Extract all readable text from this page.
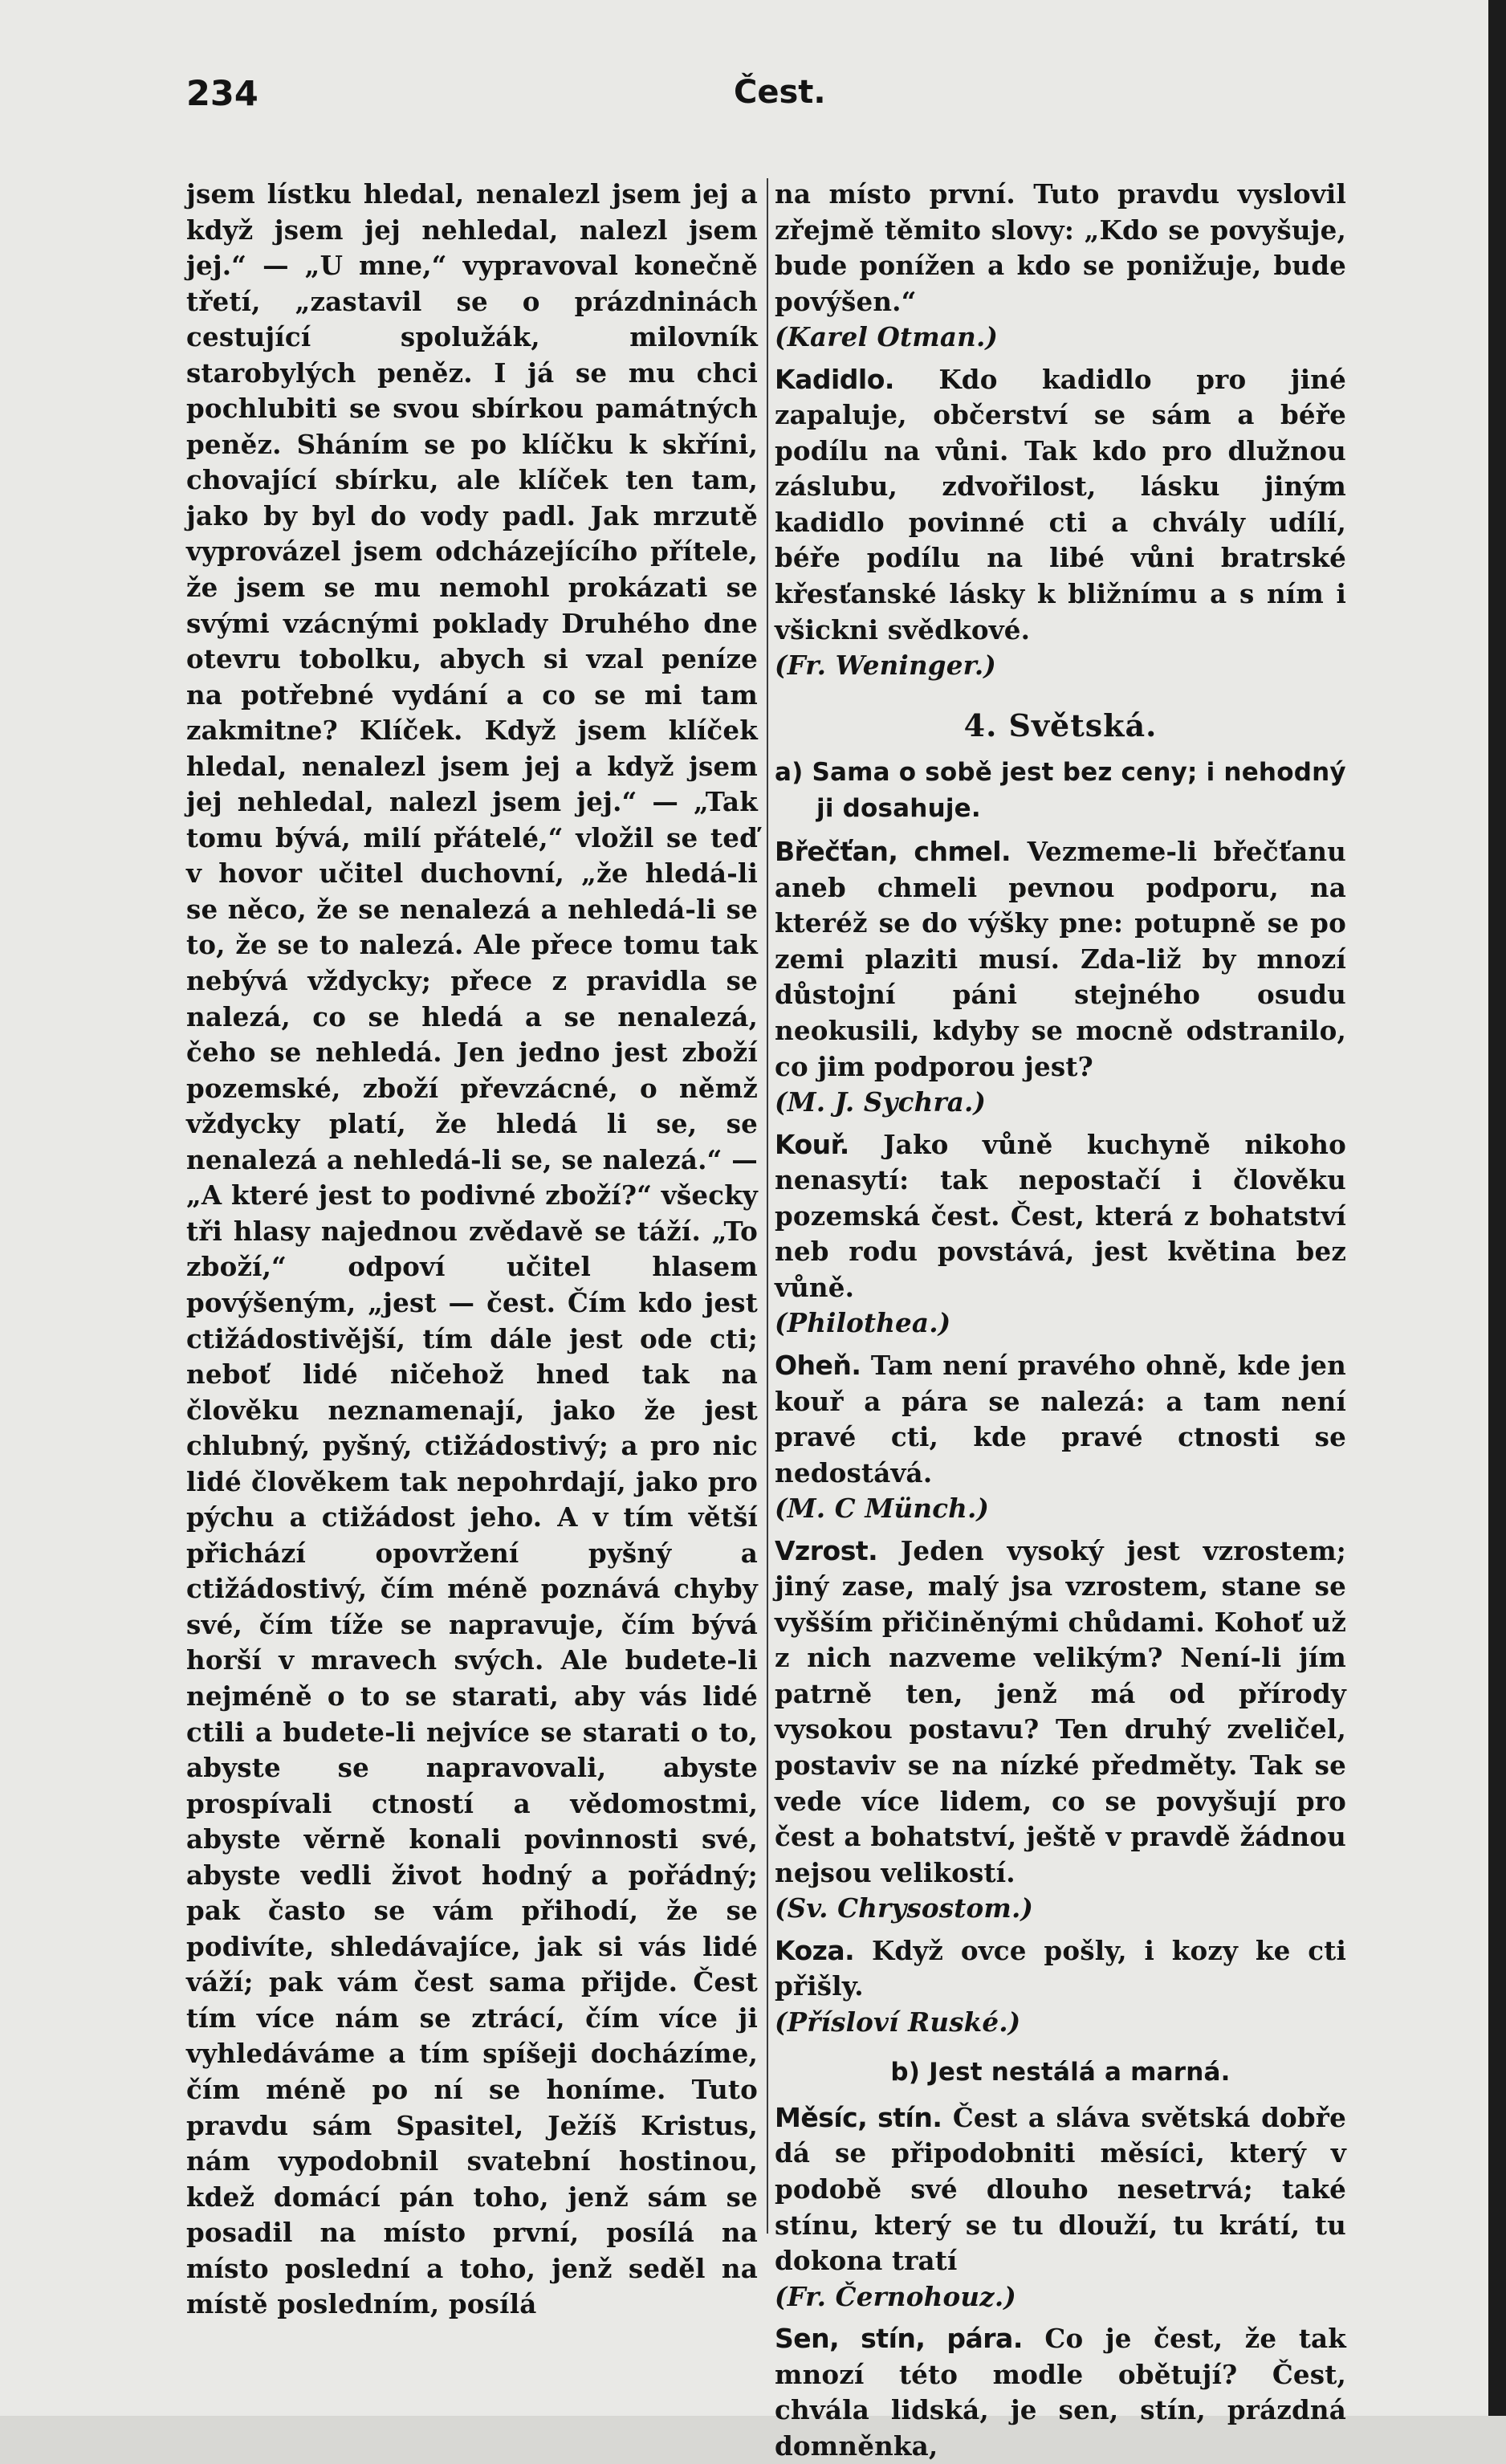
234	Čest.

jsem lístku hledal, nenalezl jsem jej a když jsem jej nehledal, nalezl jsem jej.“ — „U mne,“ vypravoval konečně třetí, „zastavil se o prázdninách cestující spolužák, milovník starobylých peněz. I já se mu chci pochlubiti se svou sbírkou památných peněz. Sháním se po klíčku k skříni, chovající sbírku, ale klíček ten tam, jako by byl do vody padl. Jak mrzutě vyprovázel jsem odcházejícího přítele, že jsem se mu nemohl prokázati se svými vzácnými poklady Druhého dne otevru tobolku, abych si vzal peníze na potřebné vydání a co se mi tam zakmitne? Klíček. Když jsem klíček hledal, nenalezl jsem jej a když jsem jej nehledal, nalezl jsem jej.“ — „Tak tomu bývá, milí přátelé,“ vložil se teď v hovor učitel duchovní, „že hledá-li se něco, že se nenalezá a nehledá-li se to, že se to nalezá. Ale přece tomu tak nebývá vždycky; přece z pravidla se nalezá, co se hledá a se nenalezá, čeho se nehledá. Jen jedno jest zboží pozemské, zboží převzácné, o němž vždycky platí, že hledá li se, se nenalezá a nehledá-li se, se nalezá.“ — „A které jest to podivné zboží?“ všecky tři hlasy najednou zvědavě se táží. „To zboží,“ odpoví učitel hlasem povýšeným, „jest — čest. Čím kdo jest ctižádostivější, tím dále jest ode cti; neboť lidé ničehož hned tak na člověku neznamenají, jako že jest chlubný, pyšný, ctižádostivý; a pro nic lidé člověkem tak nepohrdají, jako pro pýchu a ctižádost jeho. A v tím větší přichází opovržení pyšný a ctižádostivý, čím méně poznává chyby své, čím tíže se napravuje, čím bývá horší v mravech svých. Ale budete-li nejméně o to se starati, aby vás lidé ctili a budete-li nejvíce se starati o to, abyste se napravovali, abyste prospívali ctností a vědomostmi, abyste věrně konali povinnosti své, abyste vedli život hodný a pořádný; pak často se vám přihodí, že se podivíte, shledávajíce, jak si vás lidé váží; pak vám čest sama přijde. Čest tím více nám se ztrácí, čím více ji vyhledáváme a tím spíšeji docházíme, čím méně po ní se honíme. Tuto pravdu sám Spasitel, Ježíš Kristus, nám vypodobnil svatební hostinou, kdež domácí pán toho, jenž sám se posadil na místo první, posílá na místo poslední a toho, jenž seděl na místě posledním, posílá

na místo první. Tuto pravdu vyslovil zřejmě těmito slovy: „Kdo se povyšuje, bude ponížen a kdo se ponižuje, bude povýšen.“

(Karel Otman.)

Kadidlo. Kdo kadidlo pro jiné zapaluje, občerství se sám a béře podílu na vůni. Tak kdo pro dlužnou záslubu, zdvořilost, lásku jiným kadidlo povinné cti a chvály udílí, béře podílu na libé vůni bratrské křesťanské lásky k bližnímu a s ním i všickni svědkové.

(Fr. Weninger.)

4. Světská.
a) Sama o sobě jest bez ceny; i nehodný ji dosahuje.

Břečťan, chmel. Vezmeme-li břečťanu aneb chmeli pevnou podporu, na kteréž se do výšky pne: potupně se po zemi plaziti musí. Zda-liž by mnozí důstojní páni stejného osudu neokusili, kdyby se mocně odstranilo, co jim podporou jest?

(M. J. Sychra.)

Kouř. Jako vůně kuchyně nikoho nenasytí: tak nepostačí i člověku pozemská čest. Čest, která z bohatství neb rodu povstává, jest květina bez vůně.

(Philothea.)

Oheň. Tam není pravého ohně, kde jen kouř a pára se nalezá: a tam není pravé cti, kde pravé ctnosti se nedostává.

(M. C Münch.)

Vzrost. Jeden vysoký jest vzrostem; jiný zase, malý jsa vzrostem, stane se vyšším přičiněnými chůdami. Kohoť už z nich nazveme velikým? Není-li jím patrně ten, jenž má od přírody vysokou postavu? Ten druhý zveličel, postaviv se na nízké předměty. Tak se vede více lidem, co se povyšují pro čest a bohatství, ještě v pravdě žádnou nejsou velikostí.

(Sv. Chrysostom.)

Koza. Když ovce pošly, i kozy ke cti přišly.

(Přísloví Ruské.)

b) Jest nestálá a marná.

Měsíc, stín. Čest a sláva světská dobře dá se připodobniti měsíci, který v podobě své dlouho nesetrvá; také stínu, který se tu dlouží, tu krátí, tu dokona tratí

(Fr. Černohouz.)

Sen, stín, pára. Co je čest, že tak mnozí této modle obětují? Čest, chvála lidská, je sen, stín, prázdná domněnka,
